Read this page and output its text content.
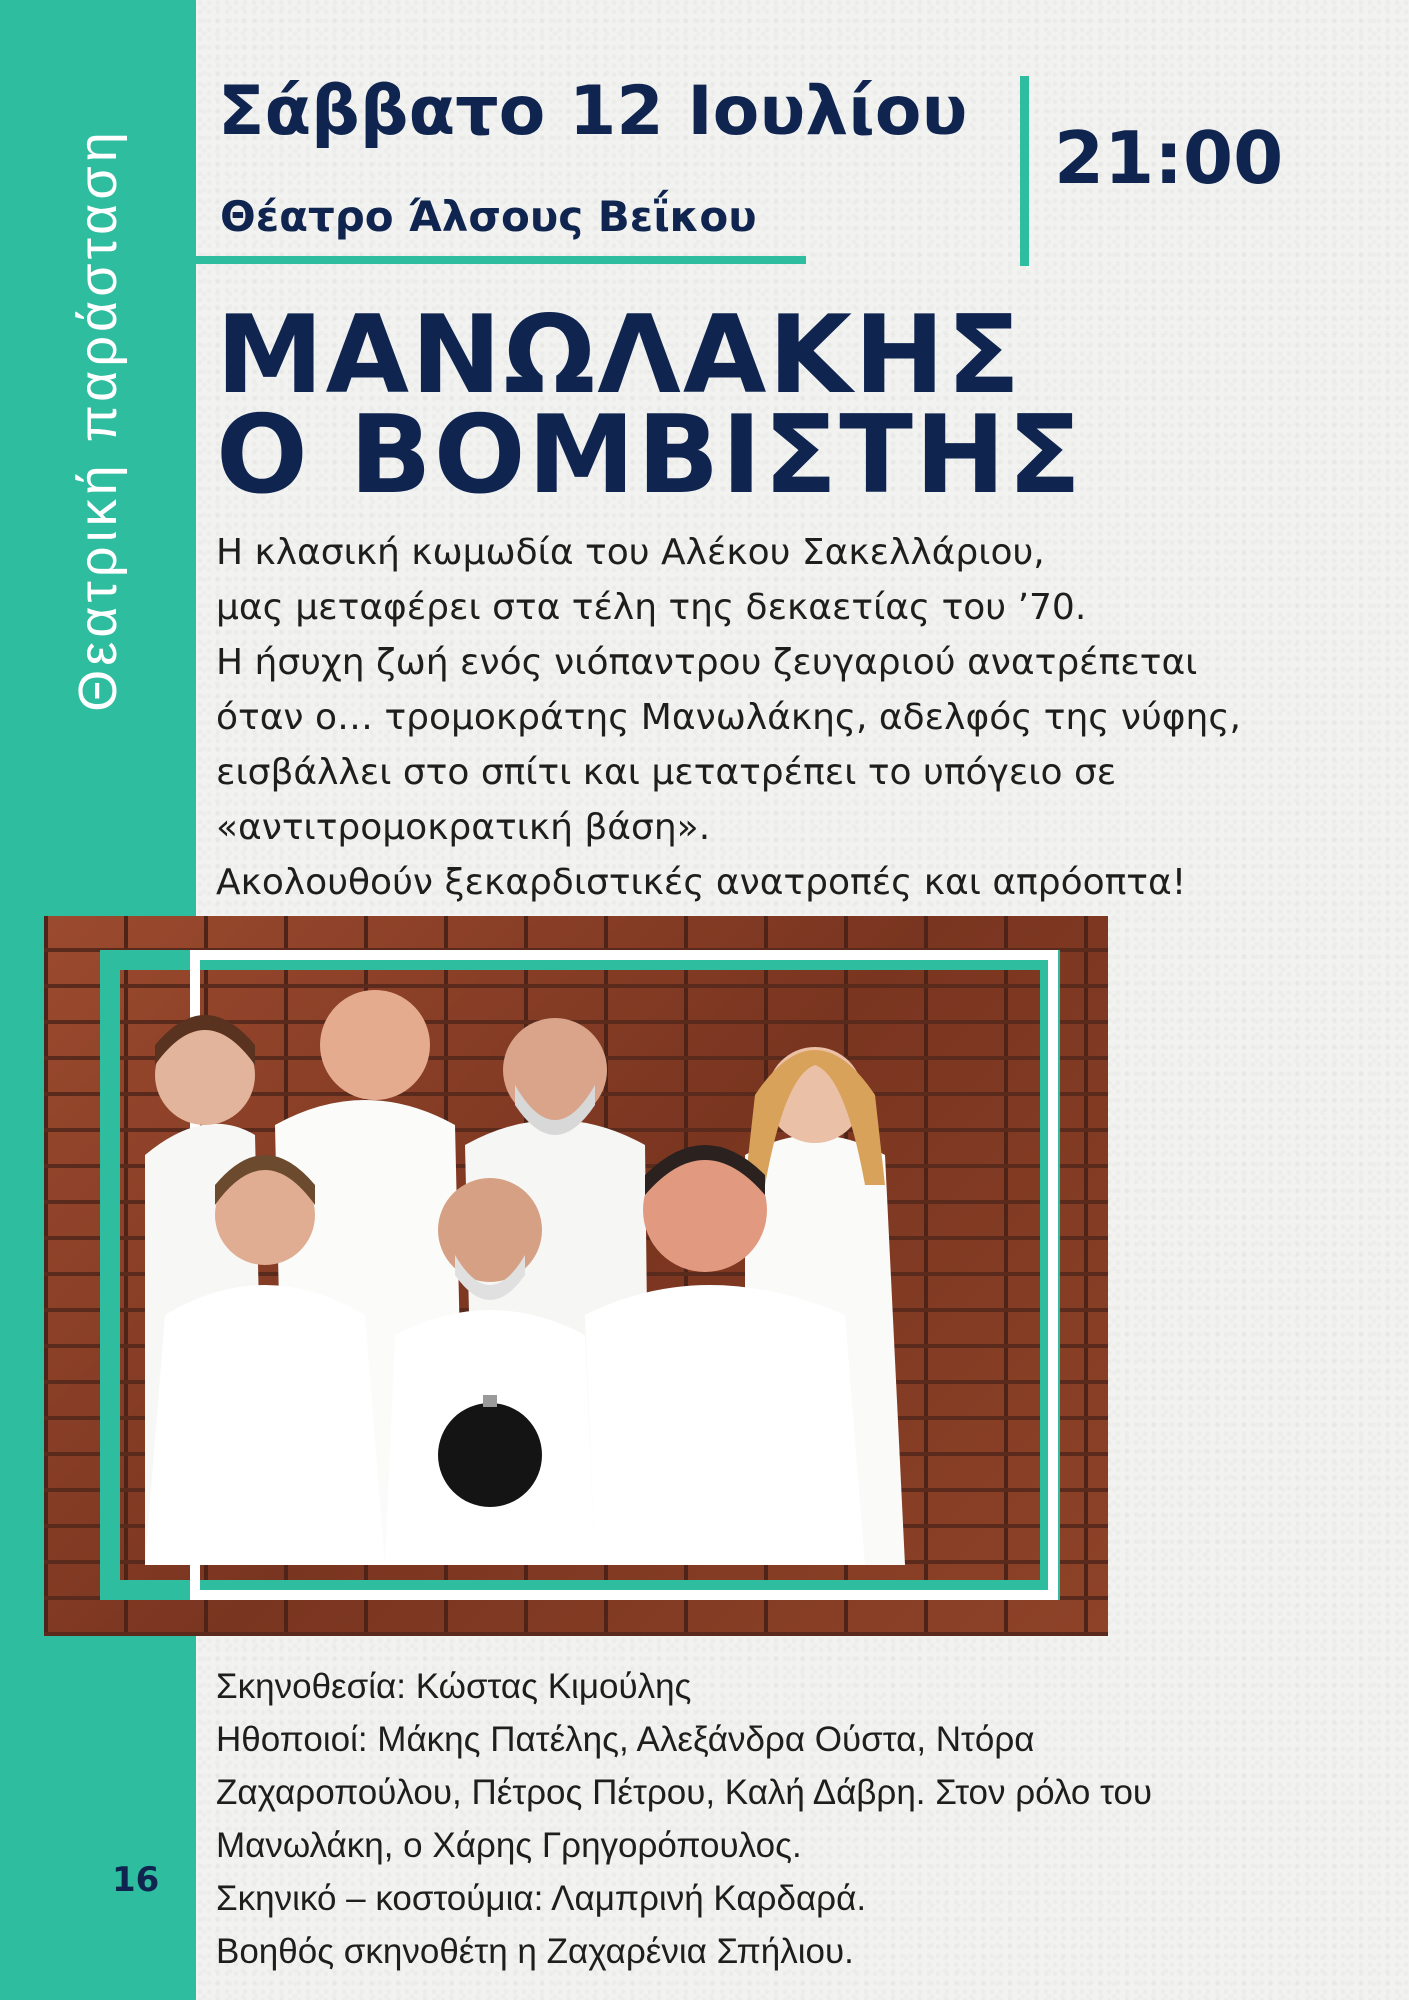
Θεατρική παράσταση
16
Σάββατο 12 Ιουλίου
Θέατρο Άλσους Βεΐκου
21:00
ΜΑΝΩΛΑΚΗΣ
Ο ΒΟΜΒΙΣΤΗΣ
Η κλασική κωμωδία του Αλέκου Σακελλάριου,
μας μεταφέρει στα τέλη της δεκαετίας του ’70.
Η ήσυχη ζωή ενός νιόπαντρου ζευγαριού ανατρέπεται
όταν ο… τρομοκράτης Μανωλάκης, αδελφός της νύφης,
εισβάλλει στο σπίτι και μετατρέπει το υπόγειο σε
«αντιτρομοκρατική βάση».
Ακολουθούν ξεκαρδιστικές ανατροπές και απρόοπτα!
Σκηνοθεσία: Κώστας Κιμούλης
Ηθοποιοί: Μάκης Πατέλης, Αλεξάνδρα Ούστα, Ντόρα
Ζαχαροπούλου, Πέτρος Πέτρου, Καλή Δάβρη. Στον ρόλο του
Μανωλάκη, ο Χάρης Γρηγορόπουλος.
Σκηνικό – κοστούμια: Λαμπρινή Καρδαρά.
Βοηθός σκηνοθέτη η Ζαχαρένια Σπήλιου.
